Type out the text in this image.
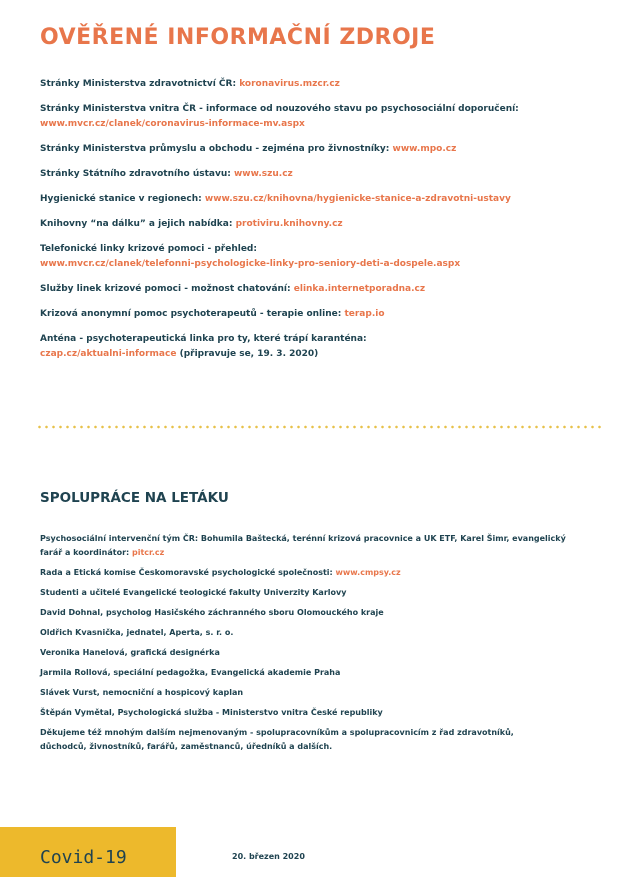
OVĚŘENÉ INFORMAČNÍ ZDROJE

Stránky Ministerstva zdravotnictví ČR: koronavirus.mzcr.cz

Stránky Ministerstva vnitra ČR - informace od nouzového stavu po psychosociální doporučení:
www.mvcr.cz/clanek/coronavirus-informace-mv.aspx

Stránky Ministerstva průmyslu a obchodu - zejména pro živnostníky: www.mpo.cz

Stránky Státního zdravotního ústavu: www.szu.cz

Hygienické stanice v regionech: www.szu.cz/knihovna/hygienicke-stanice-a-zdravotni-ustavy

Knihovny “na dálku” a jejich nabídka: protiviru.knihovny.cz

Telefonické linky krizové pomoci - přehled:
www.mvcr.cz/clanek/telefonni-psychologicke-linky-pro-seniory-deti-a-dospele.aspx

Služby linek krizové pomoci - možnost chatování: elinka.internetporadna.cz

Krizová anonymní pomoc psychoterapeutů - terapie online: terap.io

Anténa - psychoterapeutická linka pro ty, které trápí karanténa:
czap.cz/aktualni-informace (připravuje se, 19. 3. 2020)

SPOLUPRÁCE NA LETÁKU

Psychosociální intervenční tým ČR: Bohumila Baštecká, terénní krizová pracovnice a UK ETF, Karel Šimr, evangelický
farář a koordinátor: pitcr.cz

Rada a Etická komise Českomoravské psychologické společnosti: www.cmpsy.cz

Studenti a učitelé Evangelické teologické fakulty Univerzity Karlovy

David Dohnal, psycholog Hasičského záchranného sboru Olomouckého kraje

Oldřich Kvasnička, jednatel, Aperta, s. r. o.

Veronika Hanelová, grafická designérka

Jarmila Rollová, speciální pedagožka, Evangelická akademie Praha

Slávek Vurst, nemocniční a hospicový kaplan

Štěpán Vymětal, Psychologická služba - Ministerstvo vnitra České republiky

Děkujeme též mnohým dalším nejmenovaným - spolupracovníkům a spolupracovnicím z řad zdravotníků,
důchodců, živnostníků, farářů, zaměstnanců, úředníků a dalších.

Covid-19	20. březen 2020
